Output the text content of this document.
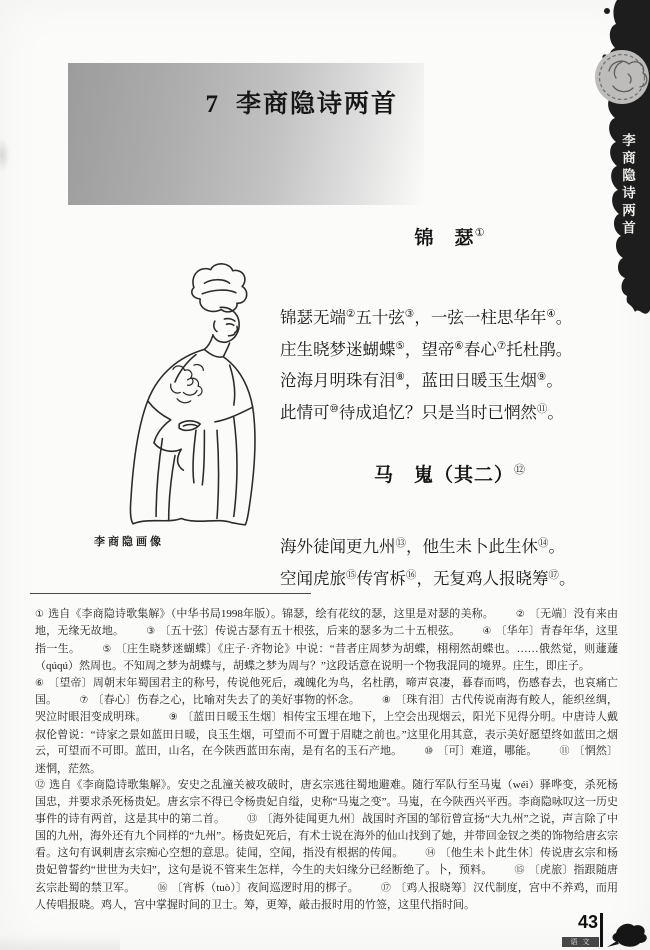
7 李商隐诗两首
李商隐画像
锦　瑟①

锦瑟无端②五十弦③，一弦一柱思华年④。

庄生晓梦迷蝴蝶⑤，望帝⑥春心⑦托杜鹃。

沧海月明珠有泪⑧，蓝田日暖玉生烟⑨。

此情可⑩待成追忆？只是当时已惘然⑪。

马　嵬（其二）⑫

海外徒闻更九州⑬，他生未卜此生休⑭。

空闻虎旅⑮传宵柝⑯，无复鸡人报晓筹⑰。

① 选自《李商隐诗歌集解》（中华书局1998年版）。锦瑟，绘有花纹的瑟，这里是对瑟的美称。 ② 〔无端〕没有来由地，无缘无故地。 ③ 〔五十弦〕传说古瑟有五十根弦，后来的瑟多为二十五根弦。 ④ 〔华年〕青春年华，这里指一生。 ⑤ 〔庄生晓梦迷蝴蝶〕《庄子·齐物论》中说：“昔者庄周梦为胡蝶，栩栩然胡蝶也。……俄然觉，则蘧蘧（qúqú）然周也。不知周之梦为胡蝶与，胡蝶之梦为周与？”这段话意在说明一个物我混同的境界。庄生，即庄子。
⑥ 〔望帝〕周朝末年蜀国君主的称号，传说他死后，魂魄化为鸟，名杜鹃，啼声哀凄，暮春而鸣，伤感春去，也哀痛亡国。 ⑦ 〔春心〕伤春之心，比喻对失去了的美好事物的怀念。 ⑧ 〔珠有泪〕古代传说南海有鲛人，能织丝绸，哭泣时眼泪变成明珠。 ⑨ 〔蓝田日暖玉生烟〕相传宝玉埋在地下，上空会出现烟云，阳光下见得分明。中唐诗人戴叔伦曾说：“诗家之景如蓝田日暖，良玉生烟，可望而不可置于眉睫之前也。”这里化用其意，表示美好愿望终如蓝田之烟云，可望而不可即。蓝田，山名，在今陕西蓝田东南，是有名的玉石产地。 ⑩ 〔可〕难道，哪能。 ⑪ 〔惘然〕迷惘，茫然。
⑫ 选自《李商隐诗歌集解》。安史之乱潼关被攻破时，唐玄宗逃往蜀地避难。随行军队行至马嵬（wéi）驿哗变，杀死杨国忠，并要求杀死杨贵妃。唐玄宗不得已令杨贵妃自缢，史称“马嵬之变”。马嵬，在今陕西兴平西。李商隐咏叹这一历史事件的诗有两首，这是其中的第二首。 ⑬ 〔海外徒闻更九州〕战国时齐国的邹衍曾宣扬“大九州”之说，声言除了中国的九州，海外还有九个同样的“九州”。杨贵妃死后，有术士说在海外的仙山找到了她，并带回金钗之类的饰物给唐玄宗看。这句有讽刺唐玄宗痴心空想的意思。徒闻，空闻，指没有根据的传闻。 ⑭ 〔他生未卜此生休〕传说唐玄宗和杨贵妃曾誓约“世世为夫妇”，这句是说不管来生怎样，今生的夫妇缘分已经断绝了。卜，预料。 ⑮ 〔虎旅〕指跟随唐玄宗赴蜀的禁卫军。 ⑯ 〔宵柝（tuò）〕夜间巡逻时用的梆子。 ⑰ 〔鸡人报晓筹〕汉代制度，宫中不养鸡，而用人传唱报晓。鸡人，宫中掌握时间的卫士。筹，更筹，敲击报时用的竹签，这里代指时间。
李商隐诗两首
43
语文
